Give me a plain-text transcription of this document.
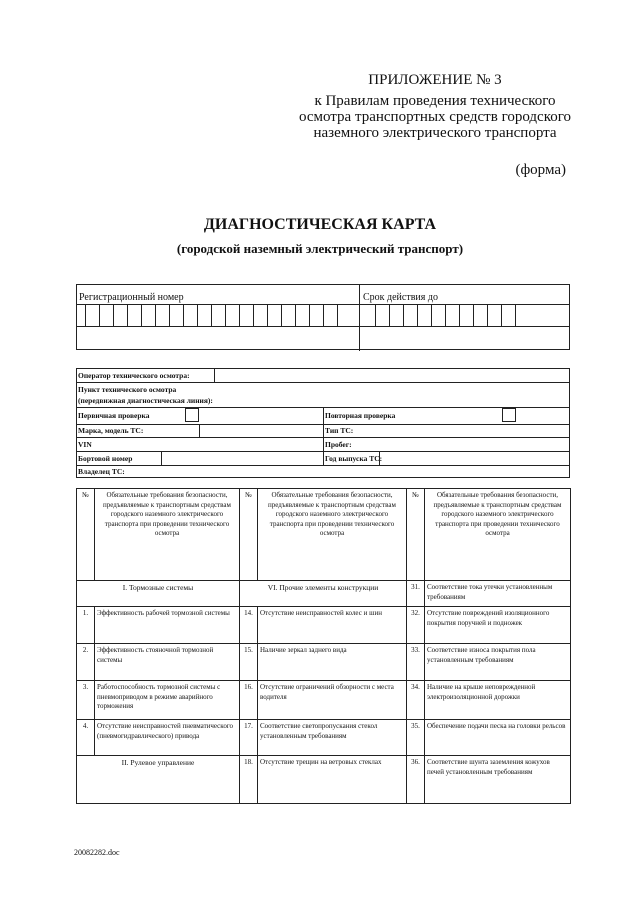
ПРИЛОЖЕНИЕ № 3
к Правилам проведения технического
осмотра транспортных средств городского
наземного электрического транспорта
(форма)
ДИАГНОСТИЧЕСКАЯ КАРТА
(городской наземный электрический транспорт)
Регистрационный номер	Срок действия до
Оператор технического осмотра:
Пункт технического осмотра
(передвижная диагностическая линия):
Первичная проверка	Повторная проверка
Марка, модель ТС:	Тип ТС:
VIN	Пробег:
Бортовой номер	Год выпуска ТС:
Владелец ТС:
№	Обязательные требования безопасности, предъявляемые к транспортным средствам городского наземного электрического транспорта при проведении технического осмотра	№	Обязательные требования безопасности, предъявляемые к транспортным средствам городского наземного электрического транспорта при проведении технического осмотра	№	Обязательные требования безопасности, предъявляемые к транспортным средствам городского наземного электрического транспорта при проведении технического осмотра
I. Тормозные системы		VI. Прочие элементы конструкции		31.	Соответствие тока утечки установленным требованиям
1.	Эффективность рабочей тормозной системы	14.	Отсутствие неисправностей колес и шин	32.	Отсутствие повреждений изоляционного покрытия поручней и подножек
2.	Эффективность стояночной тормозной системы	15.	Наличие зеркал заднего вида	33.	Соответствие износа покрытия пола установленным требованиям
3.	Работоспособность тормозной системы с пневмоприводом в режиме аварийного торможения	16.	Отсутствие ограничений обзорности с места водителя	34.	Наличие на крыше неповрежденной электроизоляционной дорожки
4.	Отсутствие неисправностей пневматического (пневмогидравлического) привода	17.	Соответствие светопропускания стекол установленным требованиям	35.	Обеспечение подачи песка на головки рельсов
II. Рулевое управление		18.	Отсутствие трещин на ветровых стеклах	36.	Соответствие шунта заземления кожухов печей установленным требованиям
20082282.doc
